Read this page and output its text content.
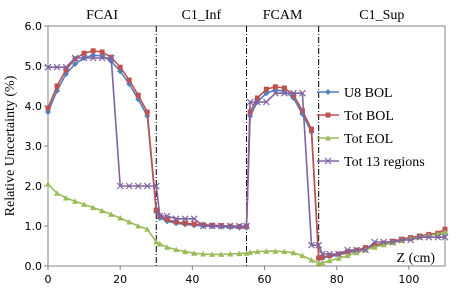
FCAI	C1_Inf	FCAM	C1_Sup
0.0
1.0
2.0
3.0
4.0
5.0
6.0
0	20	40	60	80	100
U8 BOL
Tot BOL
Tot EOL
Tot 13 regions
Relative Uncertainty (%)
Z (cm)
